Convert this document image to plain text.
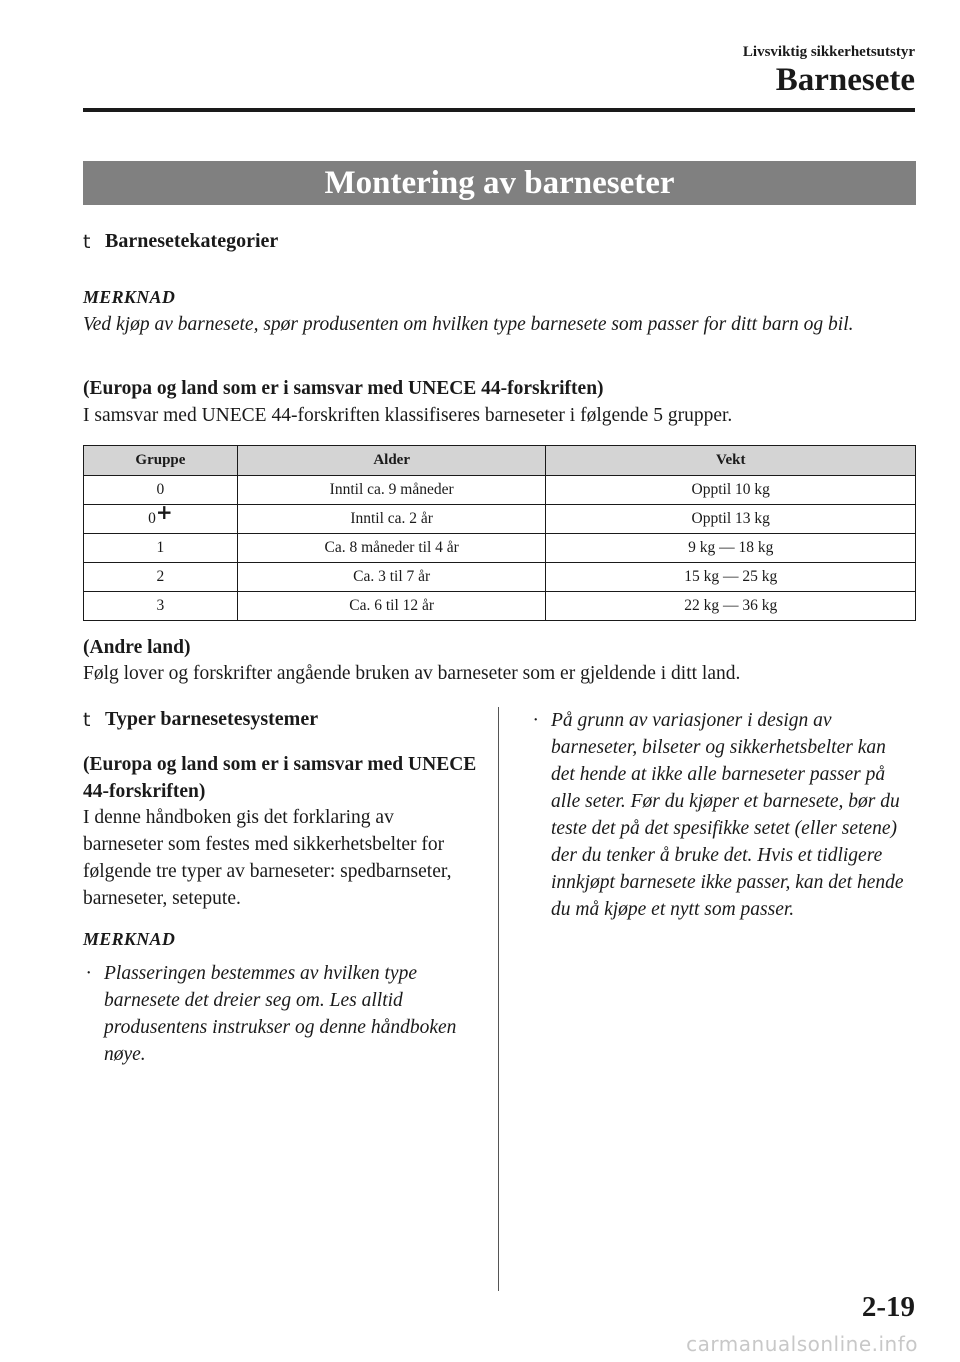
Livsviktig sikkerhetsutstyr
Barnesete
Montering av barneseter
t Barnesetekategorier
MERKNAD
Ved kjøp av barnesete, spør produsenten om hvilken type barnesete som passer for ditt barn og bil.
(Europa og land som er i samsvar med UNECE 44-forskriften)
I samsvar med UNECE 44-forskriften klassifiseres barneseter i følgende 5 grupper.
Gruppe	Alder	Vekt
0	Inntil ca. 9 måneder	Opptil 10 kg
0+	Inntil ca. 2 år	Opptil 13 kg
1	Ca. 8 måneder til 4 år	9 kg ― 18 kg
2	Ca. 3 til 7 år	15 kg ― 25 kg
3	Ca. 6 til 12 år	22 kg ― 36 kg
(Andre land)
Følg lover og forskrifter angående bruken av barneseter som er gjeldende i ditt land.
t Typer barnesetesystemer
(Europa og land som er i samsvar med UNECE 44-forskriften)
I denne håndboken gis det forklaring av barneseter som festes med sikkerhetsbelter for følgende tre typer av barneseter: spedbarnseter, barneseter, setepute.
MERKNAD
· Plasseringen bestemmes av hvilken type barnesete det dreier seg om. Les alltid produsentens instrukser og denne håndboken nøye.
· På grunn av variasjoner i design av barneseter, bilseter og sikkerhetsbelter kan det hende at ikke alle barneseter passer på alle seter. Før du kjøper et barnesete, bør du teste det på det spesifikke setet (eller setene) der du tenker å bruke det. Hvis et tidligere innkjøpt barnesete ikke passer, kan det hende du må kjøpe et nytt som passer.
2-19
carmanualsonline.info
